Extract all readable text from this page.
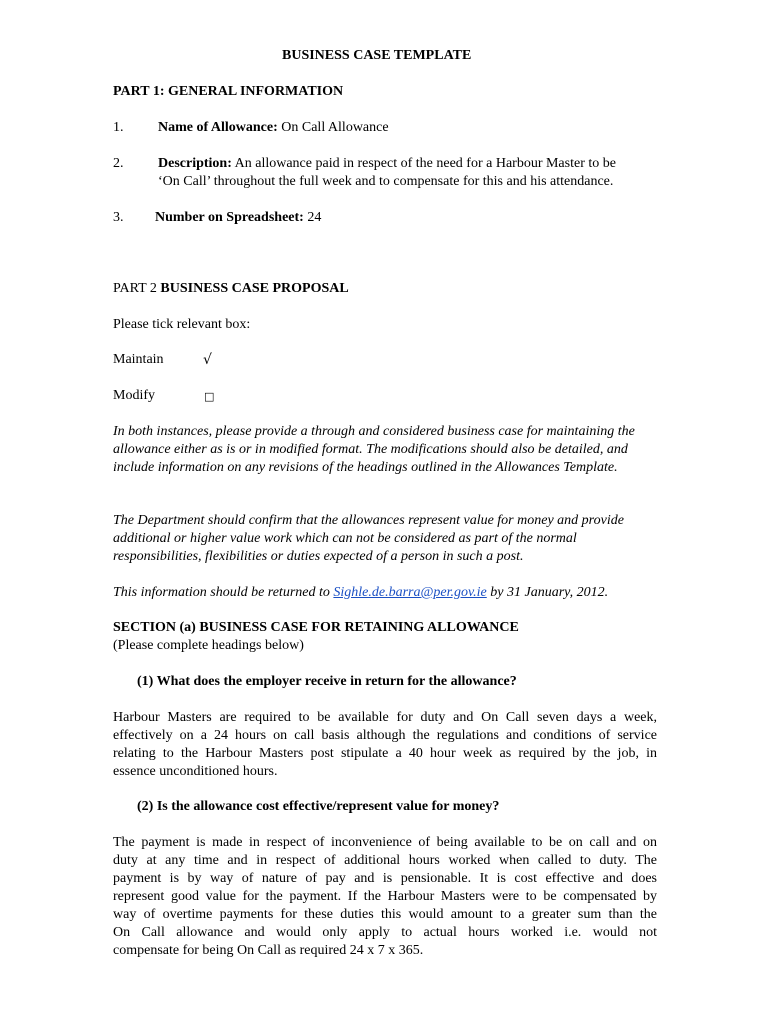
BUSINESS CASE TEMPLATE
PART 1: GENERAL INFORMATION
1. Name of Allowance: On Call Allowance
2. Description: An allowance paid in respect of the need for a Harbour Master to be
‘On Call’ throughout the full week and to compensate for this and his attendance.
3. Number on Spreadsheet: 24
PART 2 BUSINESS CASE PROPOSAL
Please tick relevant box:
Maintain	√
Modify	□
In both instances, please provide a through and considered business case for maintaining the allowance either as is or in modified format. The modifications should also be detailed, and include information on any revisions of the headings outlined in the Allowances Template.
The Department should confirm that the allowances represent value for money and provide additional or higher value work which can not be considered as part of the normal responsibilities, flexibilities or duties expected of a person in such a post.
This information should be returned to Sighle.de.barra@per.gov.ie by 31 January, 2012.
SECTION (a) BUSINESS CASE FOR RETAINING ALLOWANCE
(Please complete headings below)
(1) What does the employer receive in return for the allowance?
Harbour Masters are required to be available for duty and On Call seven days a week,
effectively on a 24 hours on call basis although the regulations and conditions of service
relating to the Harbour Masters post stipulate a 40 hour week as required by the job, in
essence unconditioned hours.
(2) Is the allowance cost effective/represent value for money?
The payment is made in respect of inconvenience of being available to be on call and on
duty at any time and in respect of additional hours worked when called to duty. The
payment is by way of nature of pay and is pensionable. It is cost effective and does
represent good value for the payment. If the Harbour Masters were to be compensated by
way of overtime payments for these duties this would amount to a greater sum than the
On Call allowance and would only apply to actual hours worked i.e. would not
compensate for being On Call as required 24 x 7 x 365.
